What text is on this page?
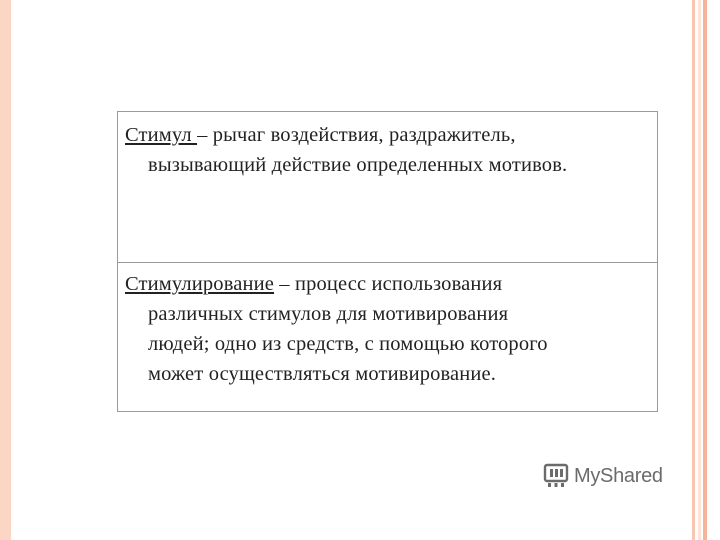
Стимул – рычаг воздействия, раздражитель,
вызывающий действие определенных мотивов.
Стимулирование – процесс использования
различных стимулов для мотивирования
людей; одно из средств, с помощью которого
может осуществляться мотивирование.
MyShared
